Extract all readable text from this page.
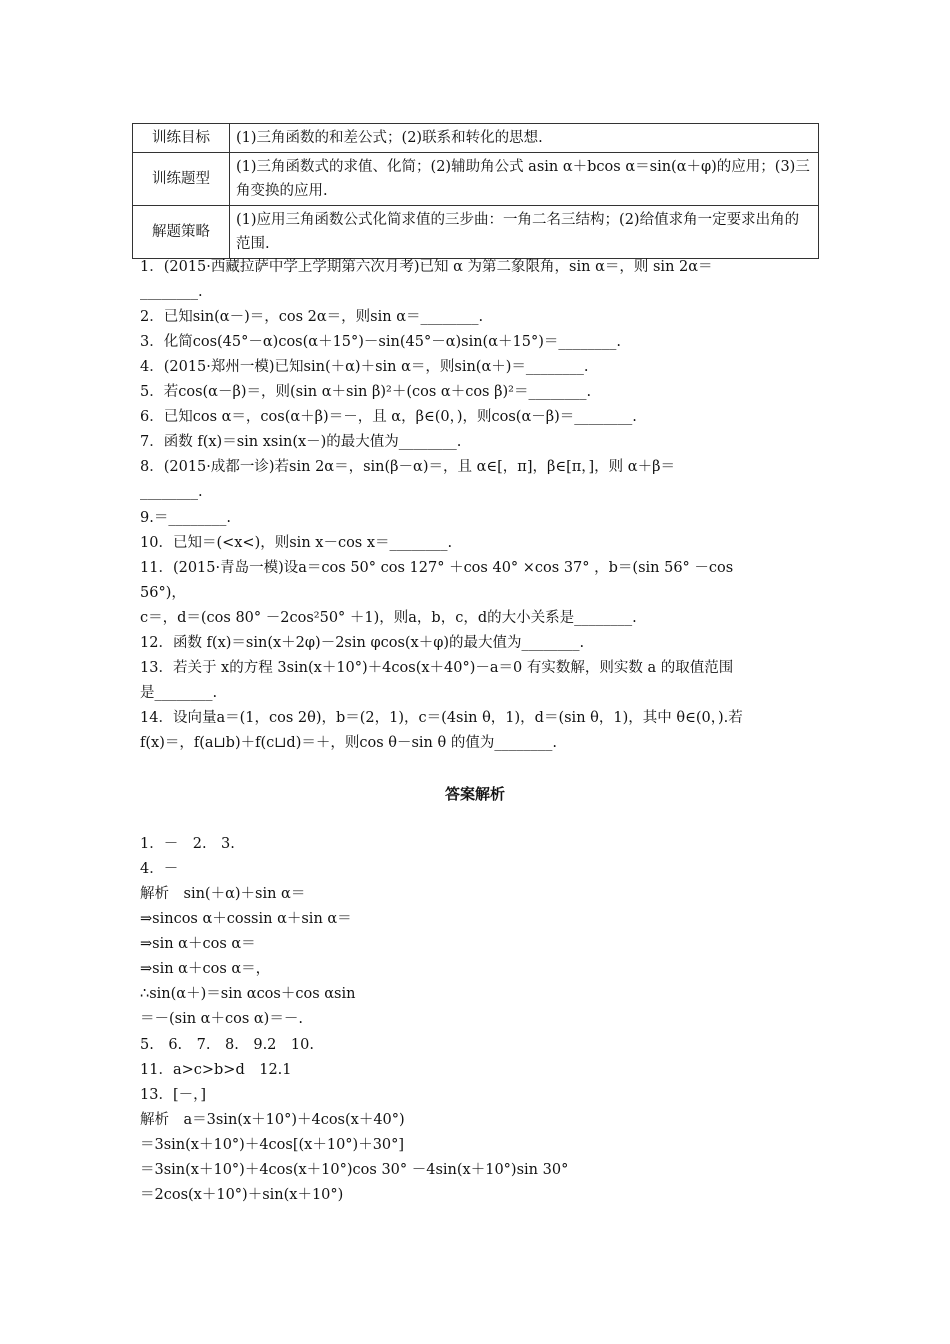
训练目标	(1)三角函数的和差公式；(2)联系和转化的思想.
训练题型	(1)三角函数式的求值、化简；(2)辅助角公式 asin α＋bcos α＝sin(α＋φ)的应用；(3)三角变换的应用.
解题策略	(1)应用三角函数公式化简求值的三步曲：一角二名三结构；(2)给值求角一定要求出角的范围.
1．(2015·西藏拉萨中学上学期第六次月考)已知 α 为第二象限角，sin α＝，则 sin 2α＝
________.
2．已知sin(α－)＝，cos 2α＝，则sin α＝________.
3．化简cos(45°－α)cos(α＋15°)－sin(45°－α)sin(α＋15°)＝________.
4．(2015·郑州一模)已知sin(＋α)＋sin α＝，则sin(α＋)＝________.
5．若cos(α－β)＝，则(sin α＋sin β)²＋(cos α＋cos β)²＝________.
6．已知cos α＝，cos(α＋β)＝－，且 α，β∈(0，)，则cos(α－β)＝________.
7．函数 f(x)＝sin xsin(x－)的最大值为________.
8．(2015·成都一诊)若sin 2α＝，sin(β－α)＝，且 α∈[，π]，β∈[π，]，则 α＋β＝
________.
9.＝________.
10．已知＝(<x<)，则sin x－cos x＝________.
11．(2015·青岛一模)设a＝cos 50° cos 127° ＋cos 40° ×cos 37° ，b＝(sin 56° －cos
56°)，
c＝，d＝(cos 80° －2cos²50° ＋1)，则a，b，c，d的大小关系是________.
12．函数 f(x)＝sin(x＋2φ)－2sin φcos(x＋φ)的最大值为________.
13．若关于 x的方程 3sin(x＋10°)＋4cos(x＋40°)－a＝0 有实数解，则实数 a 的取值范围
是________.
14．设向量a＝(1，cos 2θ)，b＝(2，1)，c＝(4sin θ，1)，d＝(sin θ，1)，其中 θ∈(0，).若
f(x)＝，f(a⊔b)＋f(c⊔d)＝＋，则cos θ－sin θ 的值为________.
答案解析
1．－　2.　3.
4．－
解析　sin(＋α)＋sin α＝
⇒sincos α＋cossin α＋sin α＝
⇒sin α＋cos α＝
⇒sin α＋cos α＝，
∴sin(α＋)＝sin αcos＋cos αsin
＝－(sin α＋cos α)＝－.
5.　6.　7.　8.　9.2　10.
11．a>c>b>d　12.1
13．[－，]
解析　a＝3sin(x＋10°)＋4cos(x＋40°)
＝3sin(x＋10°)＋4cos[(x＋10°)＋30°]
＝3sin(x＋10°)＋4cos(x＋10°)cos 30° －4sin(x＋10°)sin 30°
＝2cos(x＋10°)＋sin(x＋10°)
